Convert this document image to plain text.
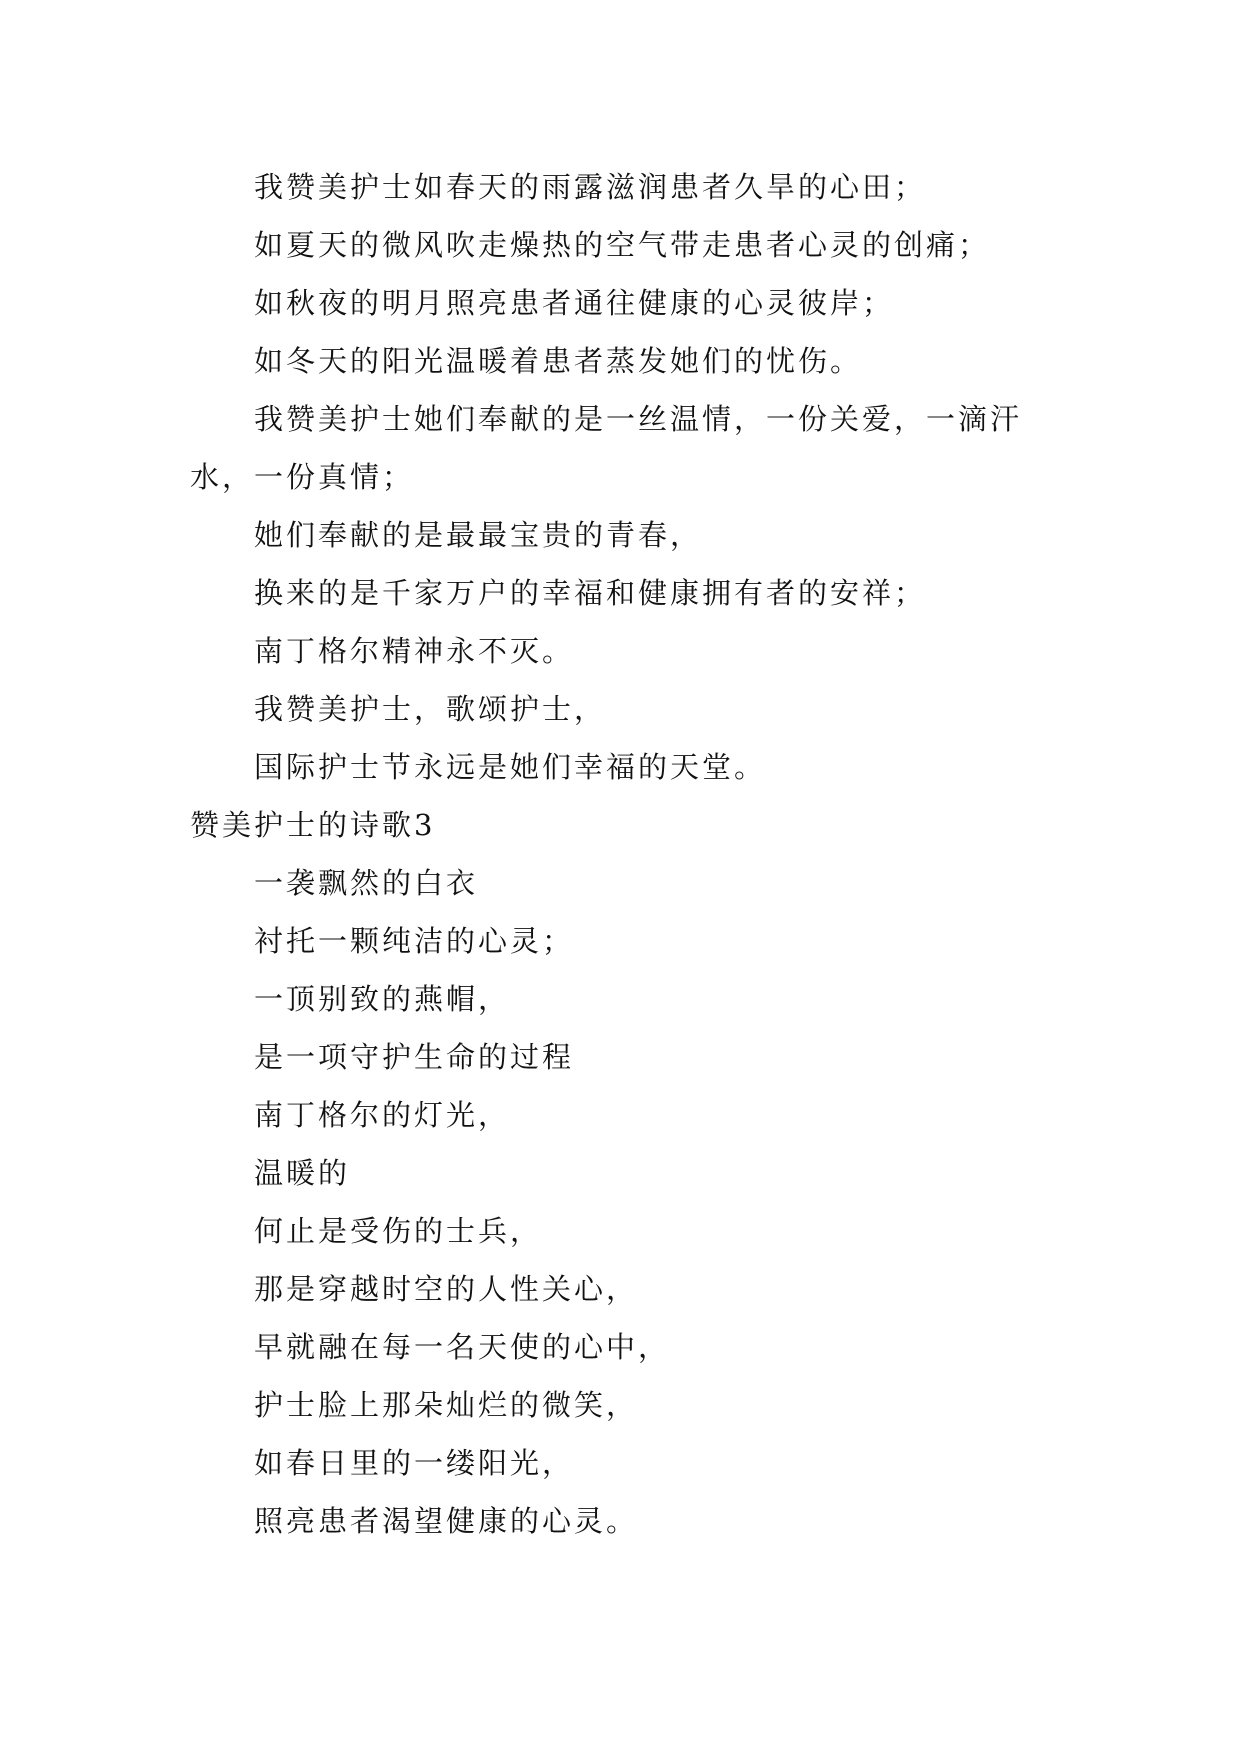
我赞美护士如春天的雨露滋润患者久旱的心田；
如夏天的微风吹走燥热的空气带走患者心灵的创痛；
如秋夜的明月照亮患者通往健康的心灵彼岸；
如冬天的阳光温暖着患者蒸发她们的忧伤。
我赞美护士她们奉献的是一丝温情，一份关爱，一滴汗水，一份真情；
她们奉献的是最最宝贵的青春，
换来的是千家万户的幸福和健康拥有者的安祥；
南丁格尔精神永不灭。
我赞美护士，歌颂护士，
国际护士节永远是她们幸福的天堂。
赞美护士的诗歌3
一袭飘然的白衣
衬托一颗纯洁的心灵；
一顶别致的燕帽，
是一项守护生命的过程
南丁格尔的灯光，
温暖的
何止是受伤的士兵，
那是穿越时空的人性关心，
早就融在每一名天使的心中，
护士脸上那朵灿烂的微笑，
如春日里的一缕阳光，
照亮患者渴望健康的心灵。
